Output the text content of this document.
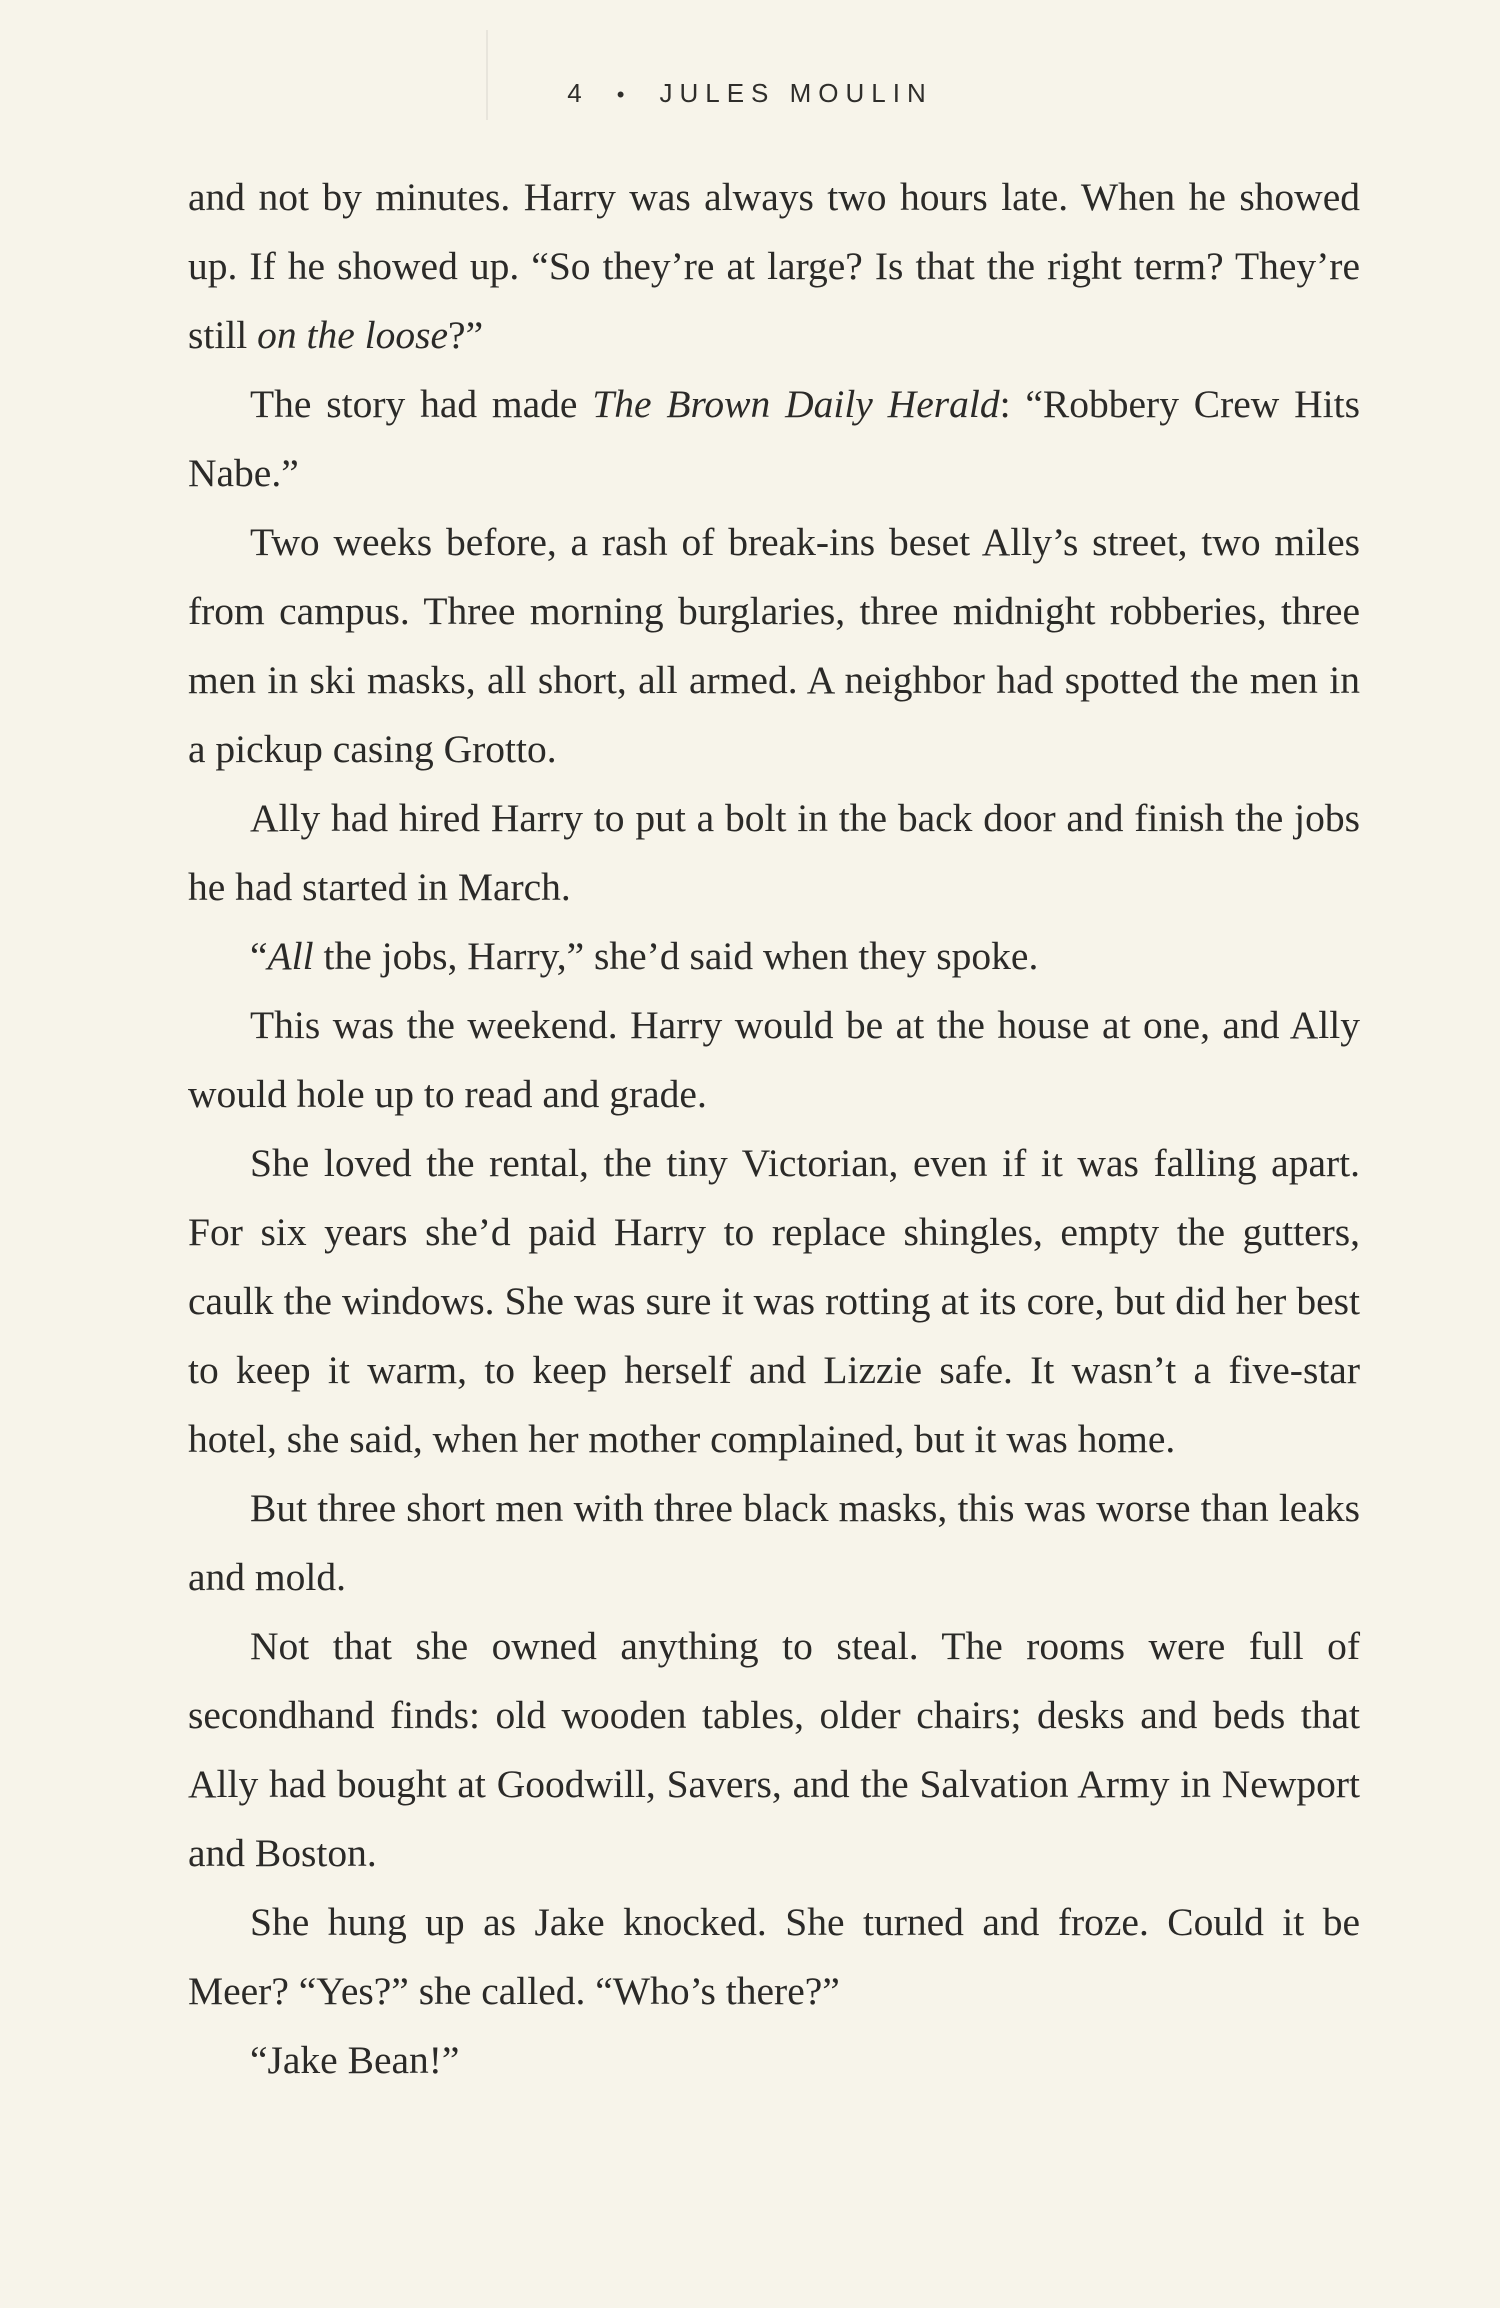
4 • JULES MOULIN

and not by minutes. Harry was always two hours late. When he showed up. If he showed up. “So they’re at large? Is that the right term? They’re still on the loose?”

The story had made The Brown Daily Herald: “Robbery Crew Hits Nabe.”

Two weeks before, a rash of break-ins beset Ally’s street, two miles from campus. Three morning burglaries, three midnight robberies, three men in ski masks, all short, all armed. A neighbor had spotted the men in a pickup casing Grotto.

Ally had hired Harry to put a bolt in the back door and finish the jobs he had started in March.

“All the jobs, Harry,” she’d said when they spoke.

This was the weekend. Harry would be at the house at one, and Ally would hole up to read and grade.

She loved the rental, the tiny Victorian, even if it was falling apart. For six years she’d paid Harry to replace shingles, empty the gutters, caulk the windows. She was sure it was rotting at its core, but did her best to keep it warm, to keep herself and Lizzie safe. It wasn’t a five-star hotel, she said, when her mother complained, but it was home.

But three short men with three black masks, this was worse than leaks and mold.

Not that she owned anything to steal. The rooms were full of secondhand finds: old wooden tables, older chairs; desks and beds that Ally had bought at Goodwill, Savers, and the Salvation Army in Newport and Boston.

She hung up as Jake knocked. She turned and froze. Could it be Meer? “Yes?” she called. “Who’s there?”

“Jake Bean!”
